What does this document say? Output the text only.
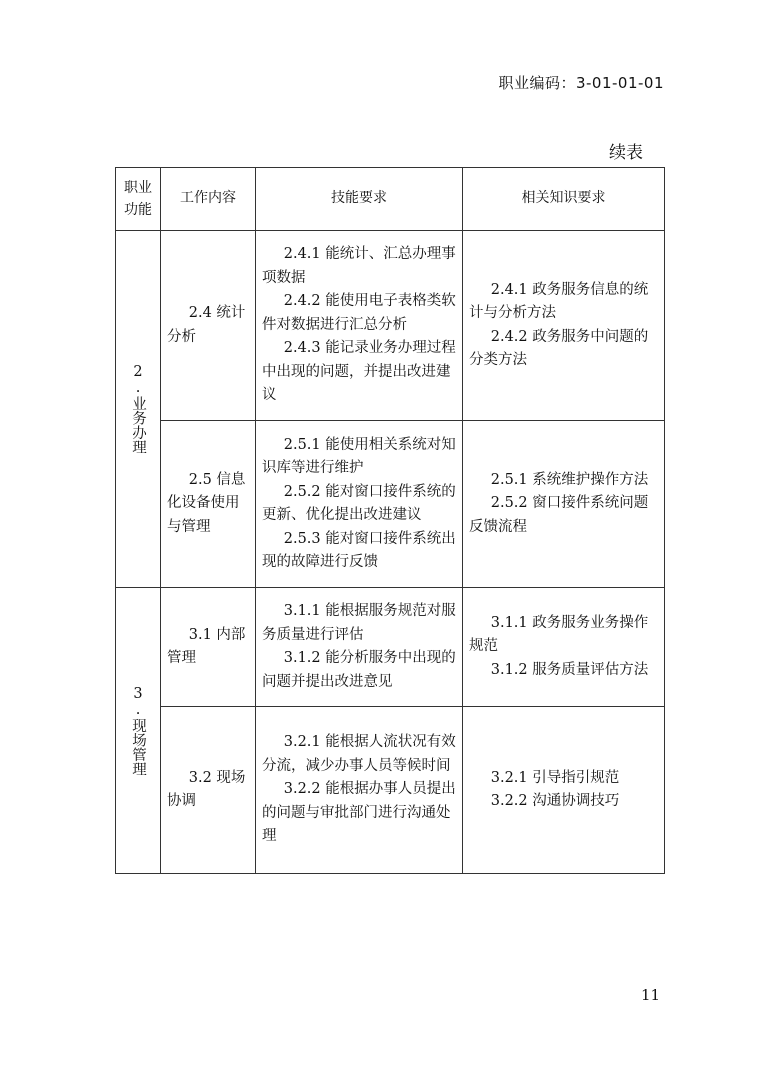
职业编码：3-01-01-01
续表
职业功能	工作内容	技能要求	相关知识要求

2.业务办理	2.4 统计分析	2.4.1 能统计、汇总办理事项数据
2.4.2 能使用电子表格类软件对数据进行汇总分析
2.4.3 能记录业务办理过程中出现的问题，并提出改进建议	2.4.1 政务服务信息的统计与分析方法
2.4.2 政务服务中问题的分类方法

	2.5 信息化设备使用与管理	2.5.1 能使用相关系统对知识库等进行维护
2.5.2 能对窗口接件系统的更新、优化提出改进建议
2.5.3 能对窗口接件系统出现的故障进行反馈	2.5.1 系统维护操作方法
2.5.2 窗口接件系统问题反馈流程

3.现场管理	3.1 内部管理	3.1.1 能根据服务规范对服务质量进行评估
3.1.2 能分析服务中出现的问题并提出改进意见	3.1.1 政务服务业务操作规范
3.1.2 服务质量评估方法

	3.2 现场协调	3.2.1 能根据人流状况有效分流，减少办事人员等候时间
3.2.2 能根据办事人员提出的问题与审批部门进行沟通处理	3.2.1 引导指引规范
3.2.2 沟通协调技巧
11
